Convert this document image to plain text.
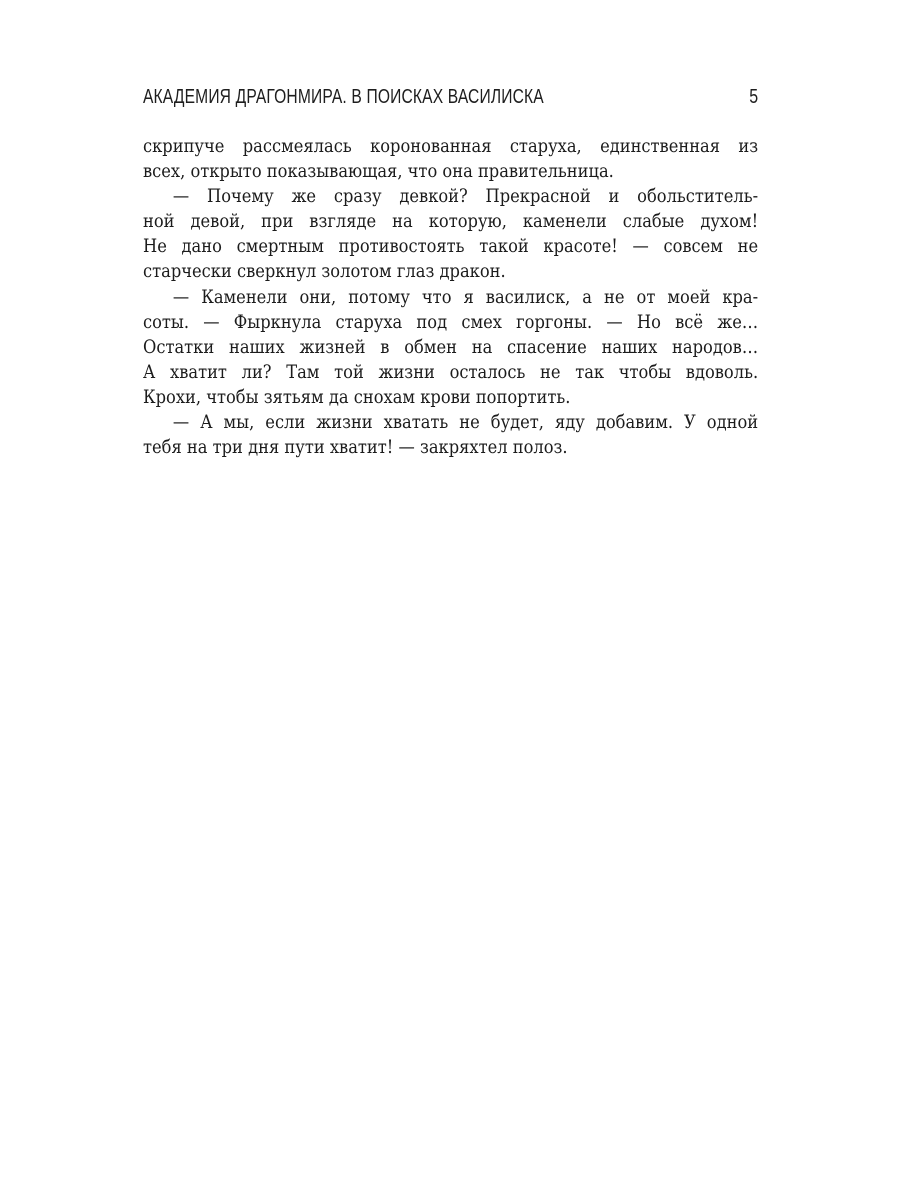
АКАДЕМИЯ ДРАГОНМИРА. В ПОИСКАХ ВАСИЛИСКА	5
скрипуче рассмеялась коронованная старуха, единственная из
всех, открыто показывающая, что она правительница.
— Почему же сразу девкой? Прекрасной и обольститель-
ной девой, при взгляде на которую, каменели слабые духом!
Не дано смертным противостоять такой красоте! — совсем не
старчески сверкнул золотом глаз дракон.
— Каменели они, потому что я василиск, а не от моей кра-
соты. — Фыркнула старуха под смех горгоны. — Но всё же…
Остатки наших жизней в обмен на спасение наших народов…
А хватит ли? Там той жизни осталось не так чтобы вдоволь.
Крохи, чтобы зятьям да снохам крови попортить.
— А мы, если жизни хватать не будет, яду добавим. У одной
тебя на три дня пути хватит! — закряхтел полоз.
